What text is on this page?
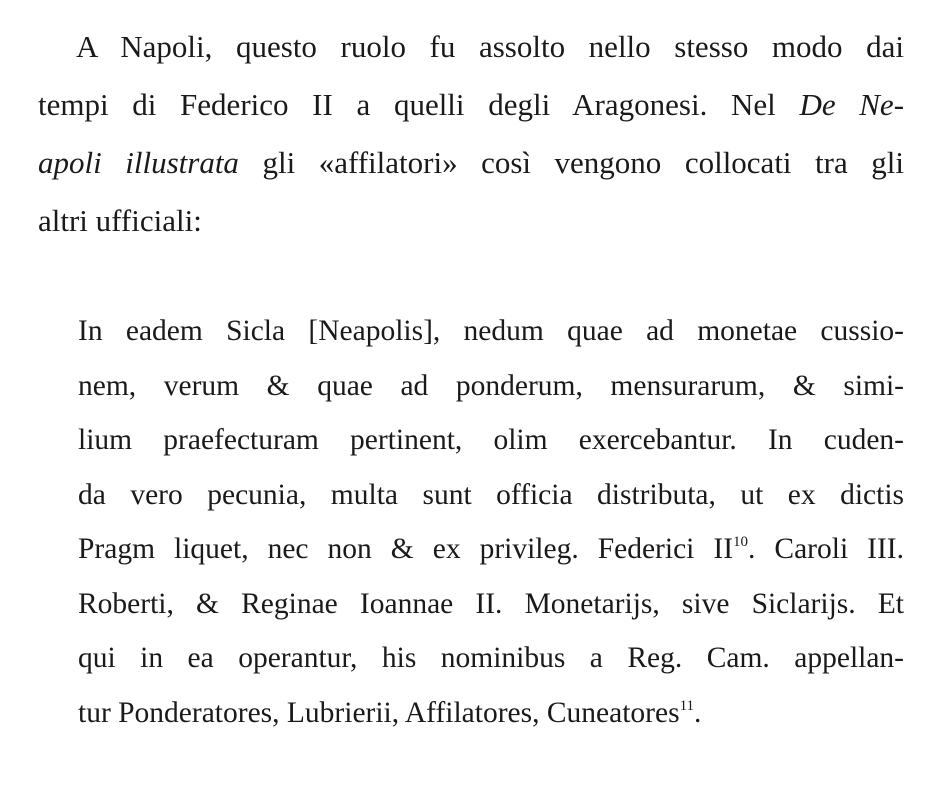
A Napoli, questo ruolo fu assolto nello stesso modo dai
tempi di Federico II a quelli degli Aragonesi. Nel De Ne-
apoli illustrata gli «affilatori» così vengono collocati tra gli
altri ufficiali:
In eadem Sicla [Neapolis], nedum quae ad monetae cussio-
nem, verum & quae ad ponderum, mensurarum, & simi-
lium praefecturam pertinent, olim exercebantur. In cuden-
da vero pecunia, multa sunt officia distributa, ut ex dictis
Pragm liquet, nec non & ex privileg. Federici II$^{10}$. Caroli III.
Roberti, & Reginae Ioannae II. Monetarijs, sive Siclarijs. Et
qui in ea operantur, his nominibus a Reg. Cam. appellan-
tur Ponderatores, Lubrierii, Affilatores, Cuneatores$^{11}$.
